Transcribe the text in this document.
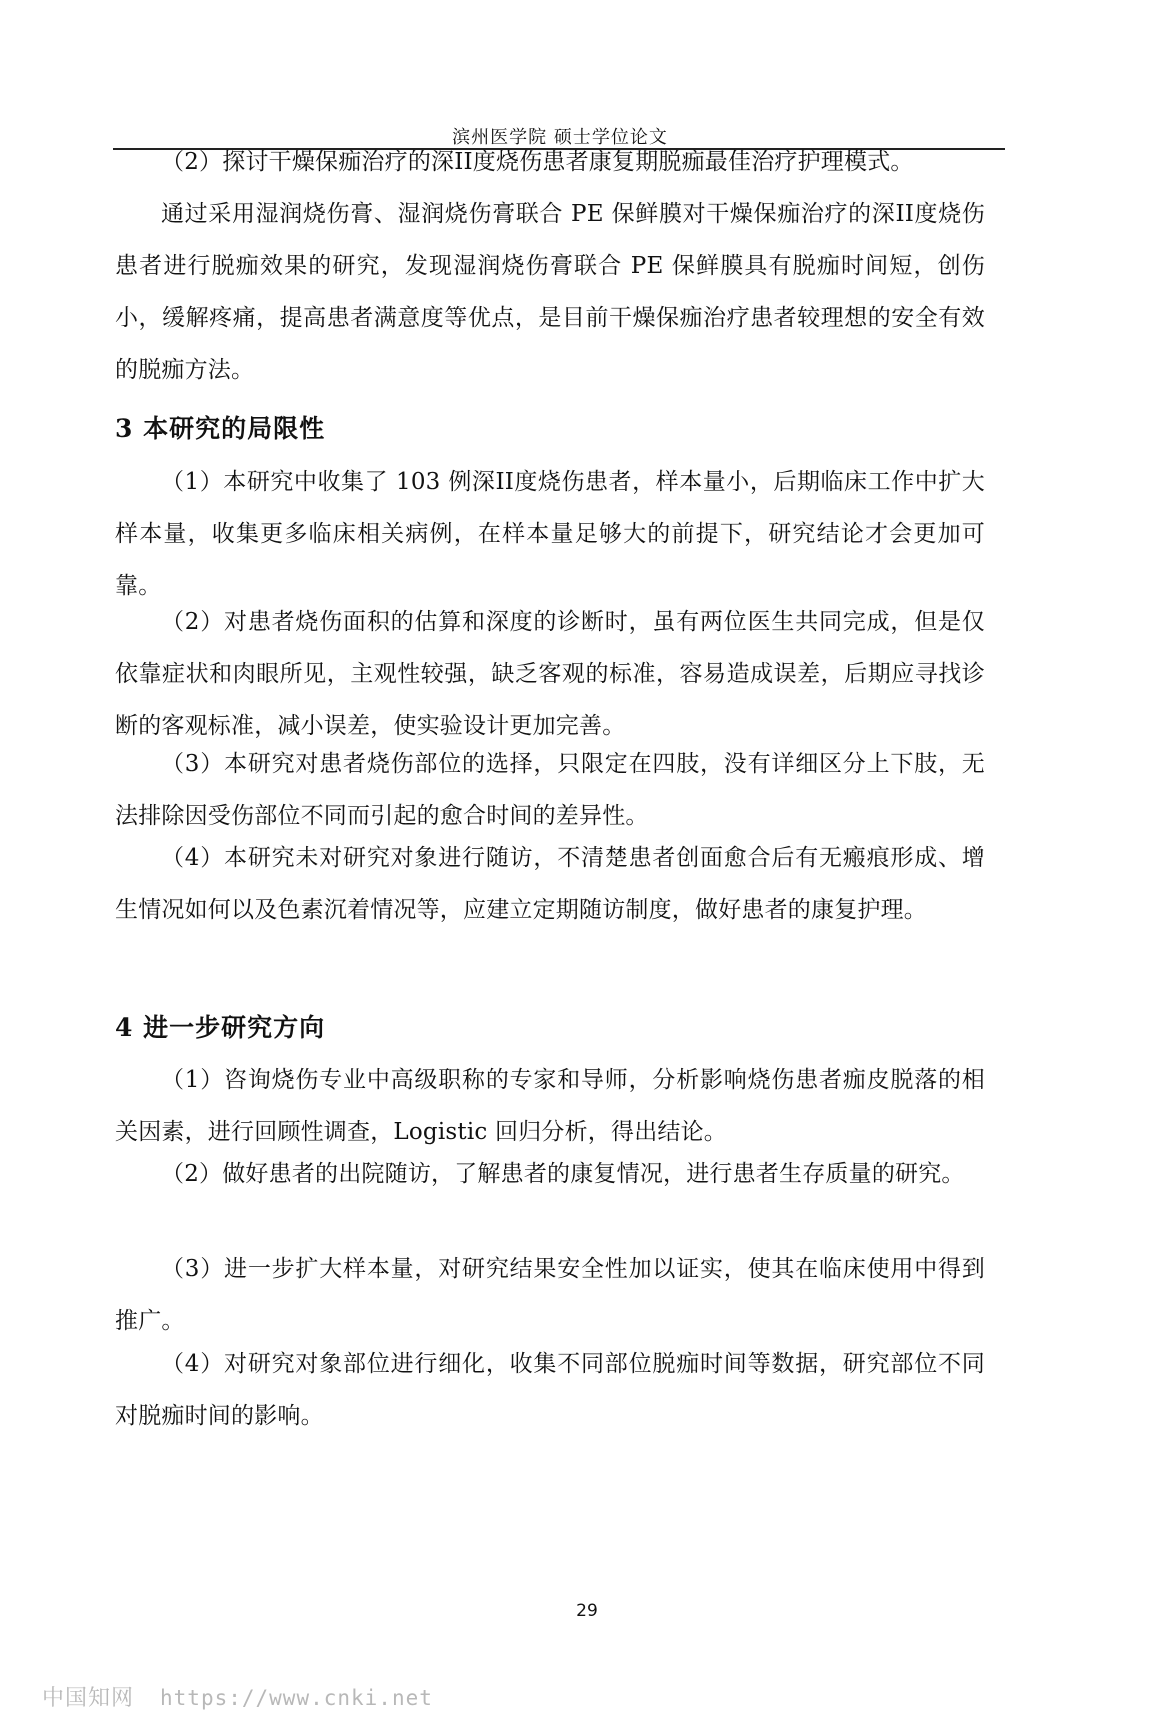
滨州医学院 硕士学位论文
（2）探讨干燥保痂治疗的深II度烧伤患者康复期脱痂最佳治疗护理模式。
通过采用湿润烧伤膏、湿润烧伤膏联合 PE 保鲜膜对干燥保痂治疗的深II度烧伤患者进行脱痂效果的研究，发现湿润烧伤膏联合 PE 保鲜膜具有脱痂时间短，创伤小，缓解疼痛，提高患者满意度等优点，是目前干燥保痂治疗患者较理想的安全有效的脱痂方法。
3 本研究的局限性
（1）本研究中收集了 103 例深II度烧伤患者，样本量小，后期临床工作中扩大样本量，收集更多临床相关病例，在样本量足够大的前提下，研究结论才会更加可靠。
（2）对患者烧伤面积的估算和深度的诊断时，虽有两位医生共同完成，但是仅依靠症状和肉眼所见，主观性较强，缺乏客观的标准，容易造成误差，后期应寻找诊断的客观标准，减小误差，使实验设计更加完善。
（3）本研究对患者烧伤部位的选择，只限定在四肢，没有详细区分上下肢，无法排除因受伤部位不同而引起的愈合时间的差异性。
（4）本研究未对研究对象进行随访，不清楚患者创面愈合后有无瘢痕形成、增生情况如何以及色素沉着情况等，应建立定期随访制度，做好患者的康复护理。
4 进一步研究方向
（1）咨询烧伤专业中高级职称的专家和导师，分析影响烧伤患者痂皮脱落的相关因素，进行回顾性调查，Logistic 回归分析，得出结论。
（2）做好患者的出院随访，了解患者的康复情况，进行患者生存质量的研究。
（3）进一步扩大样本量，对研究结果安全性加以证实，使其在临床使用中得到推广。
（4）对研究对象部位进行细化，收集不同部位脱痂时间等数据，研究部位不同对脱痂时间的影响。
29
中国知网 https://www.cnki.net
